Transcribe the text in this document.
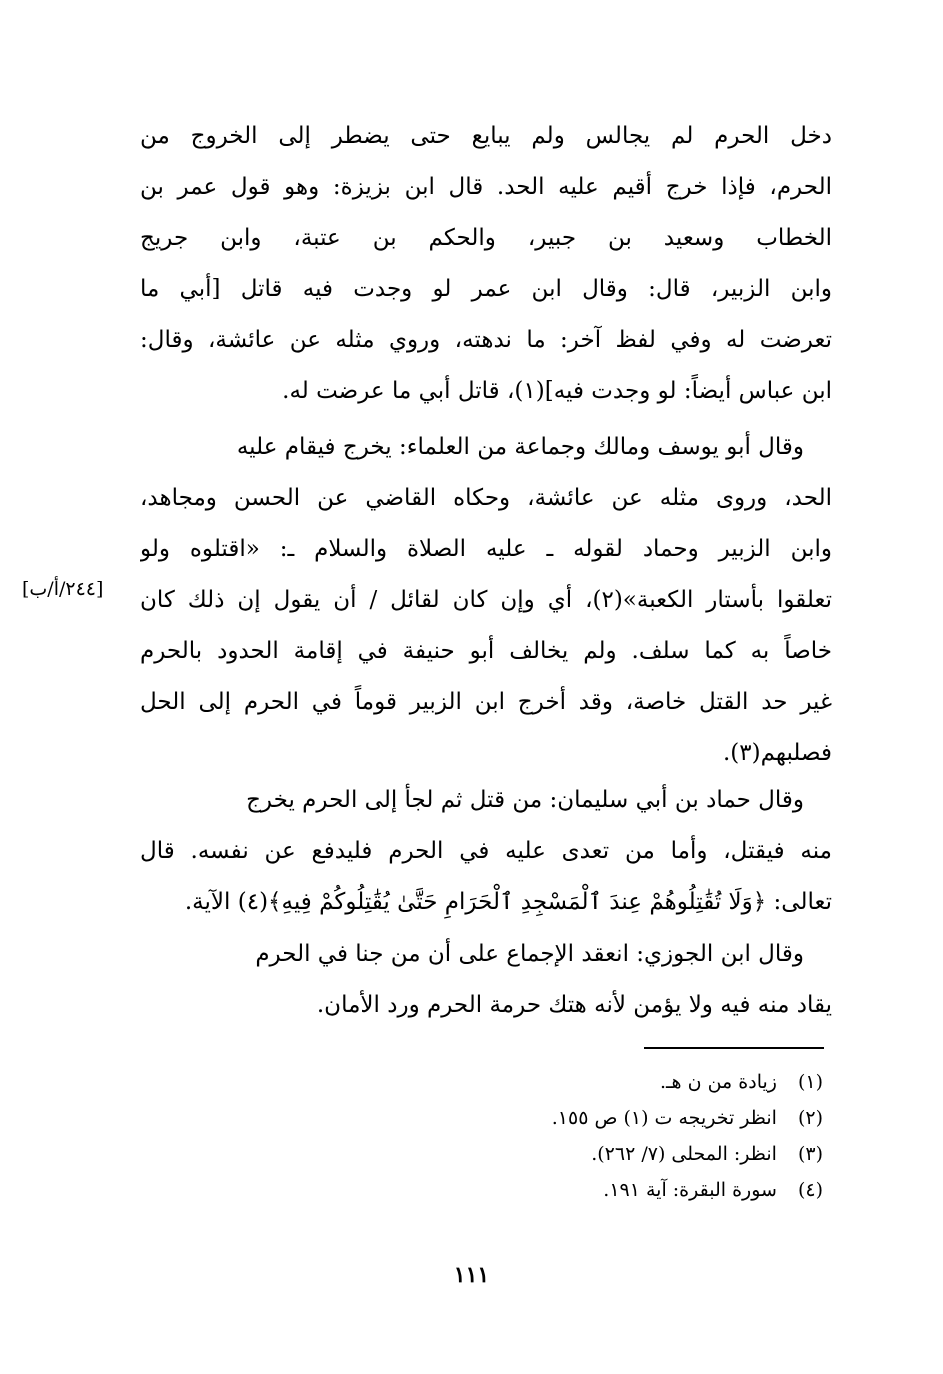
دخل الحرم لم يجالس ولم يبايع حتى يضطر إلى الخروج من
الحرم، فإذا خرج أقيم عليه الحد. قال ابن بزيزة: وهو قول عمر بن
الخطاب وسعيد بن جبير، والحكم بن عتبة، وابن جريج
وابن الزبير، قال: وقال ابن عمر لو وجدت فيه قاتل [أبي ما
تعرضت له وفي لفظ آخر: ما ندهته، وروي مثله عن عائشة، وقال:
ابن عباس أيضاً: لو وجدت فيه](١)، قاتل أبي ما عرضت له.
وقال أبو يوسف ومالك وجماعة من العلماء: يخرج فيقام عليه
الحد، وروى مثله عن عائشة، وحكاه القاضي عن الحسن ومجاهد،
وابن الزبير وحماد لقوله ـ عليه الصلاة والسلام ـ: «اقتلوه ولو
تعلقوا بأستار الكعبة»(٢)، أي وإن كان لقائل / أن يقول إن ذلك كان
خاصاً به كما سلف. ولم يخالف أبو حنيفة في إقامة الحدود بالحرم
غير حد القتل خاصة، وقد أخرج ابن الزبير قوماً في الحرم إلى الحل
فصلبهم(٣).
وقال حماد بن أبي سليمان: من قتل ثم لجأ إلى الحرم يخرج
منه فيقتل، وأما من تعدى عليه في الحرم فليدفع عن نفسه. قال
تعالى: ﴿وَلَا تُقَٰتِلُوهُمْ عِندَ ٱلْمَسْجِدِ ٱلْحَرَامِ حَتَّىٰ يُقَٰتِلُوكُمْ فِيهِ﴾(٤) الآية.
وقال ابن الجوزي: انعقد الإجماع على أن من جنا في الحرم
يقاد منه فيه ولا يؤمن لأنه هتك حرمة الحرم ورد الأمان.
[٢٤٤/أ/ب]
(١) زيادة من ن هـ.
(٢) انظر تخريجه ت (١) ص ١٥٥.
(٣) انظر: المحلى (٧/ ٢٦٢).
(٤) سورة البقرة: آية ١٩١.
١١١
